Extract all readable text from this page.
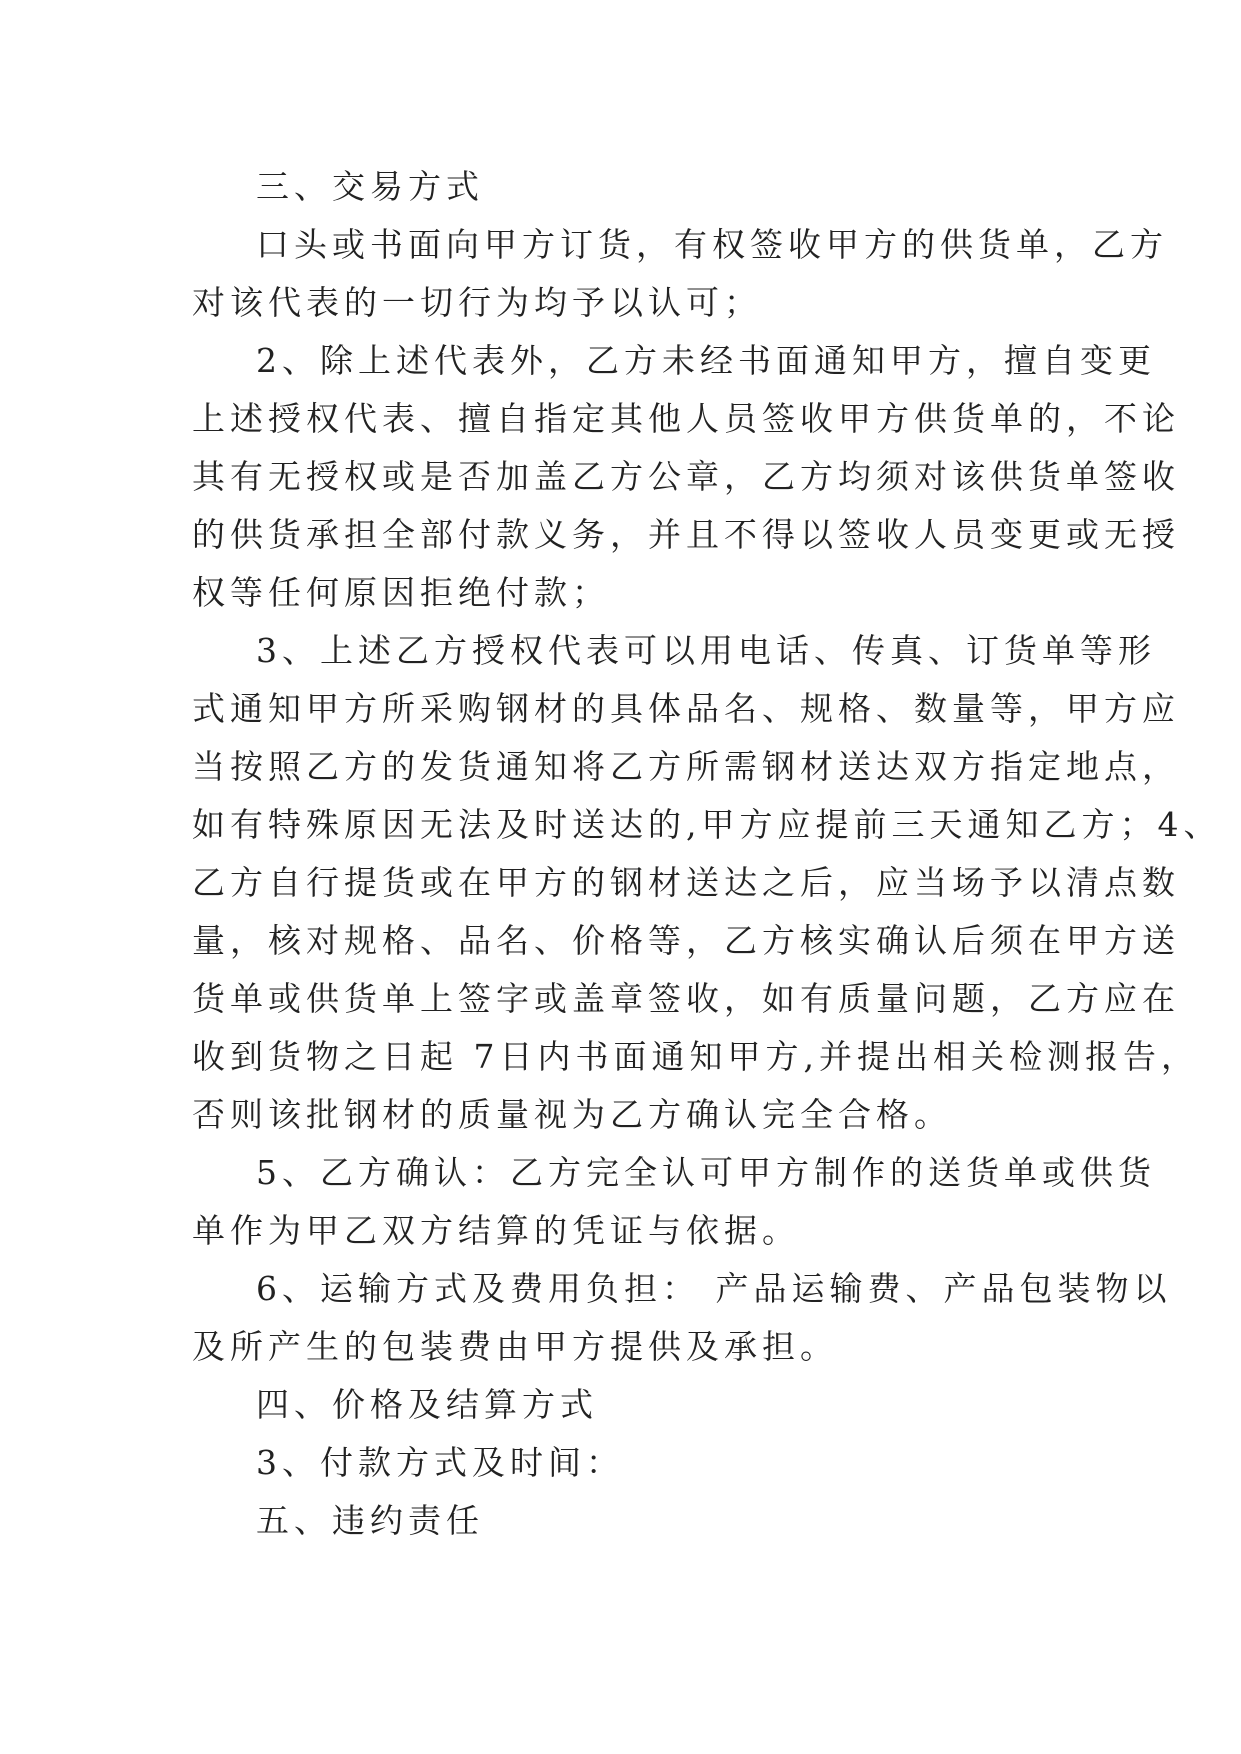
三、交易方式
口头或书面向甲方订货，有权签收甲方的供货单，乙方
对该代表的一切行为均予以认可；
2、除上述代表外，乙方未经书面通知甲方，擅自变更
上述授权代表、擅自指定其他人员签收甲方供货单的，不论
其有无授权或是否加盖乙方公章，乙方均须对该供货单签收
的供货承担全部付款义务，并且不得以签收人员变更或无授
权等任何原因拒绝付款；
3、上述乙方授权代表可以用电话、传真、订货单等形
式通知甲方所采购钢材的具体品名、规格、数量等，甲方应
当按照乙方的发货通知将乙方所需钢材送达双方指定地点，
如有特殊原因无法及时送达的,甲方应提前三天通知乙方；4、
乙方自行提货或在甲方的钢材送达之后，应当场予以清点数
量，核对规格、品名、价格等，乙方核实确认后须在甲方送
货单或供货单上签字或盖章签收，如有质量问题，乙方应在
收到货物之日起 7日内书面通知甲方,并提出相关检测报告，
否则该批钢材的质量视为乙方确认完全合格。
5、乙方确认：乙方完全认可甲方制作的送货单或供货
单作为甲乙双方结算的凭证与依据。
6、运输方式及费用负担： 产品运输费、产品包装物以
及所产生的包装费由甲方提供及承担。
四、价格及结算方式
3、付款方式及时间：
五、违约责任
